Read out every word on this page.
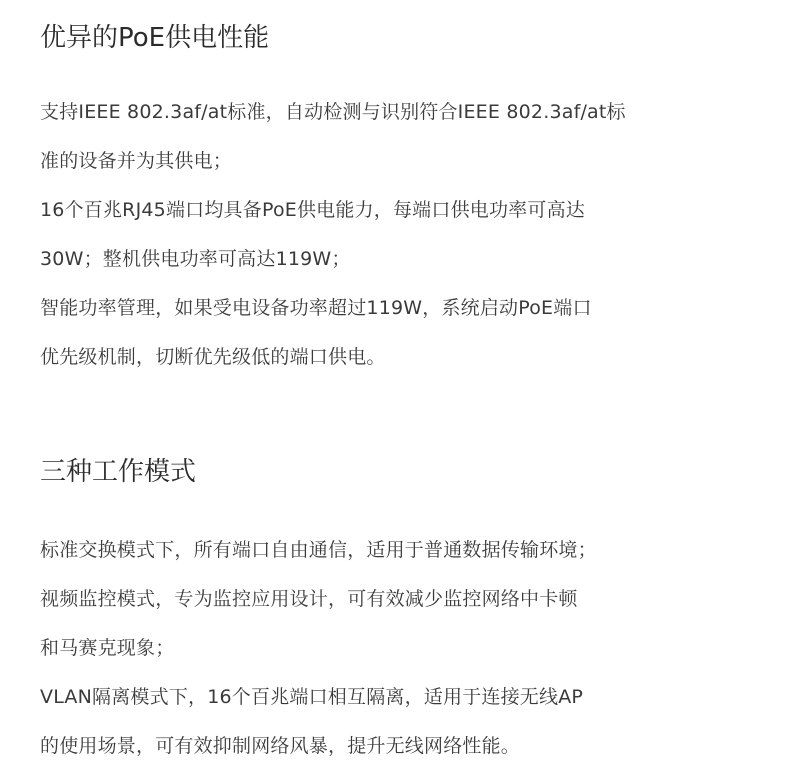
优异的PoE供电性能
支持IEEE 802.3af/at标准，自动检测与识别符合IEEE 802.3af/at标
准的设备并为其供电；
16个百兆RJ45端口均具备PoE供电能力，每端口供电功率可高达
30W；整机供电功率可高达119W；
智能功率管理，如果受电设备功率超过119W，系统启动PoE端口
优先级机制，切断优先级低的端口供电。
三种工作模式
标准交换模式下，所有端口自由通信，适用于普通数据传输环境；
视频监控模式，专为监控应用设计，可有效减少监控网络中卡顿
和马赛克现象；
VLAN隔离模式下，16个百兆端口相互隔离，适用于连接无线AP
的使用场景，可有效抑制网络风暴，提升无线网络性能。
